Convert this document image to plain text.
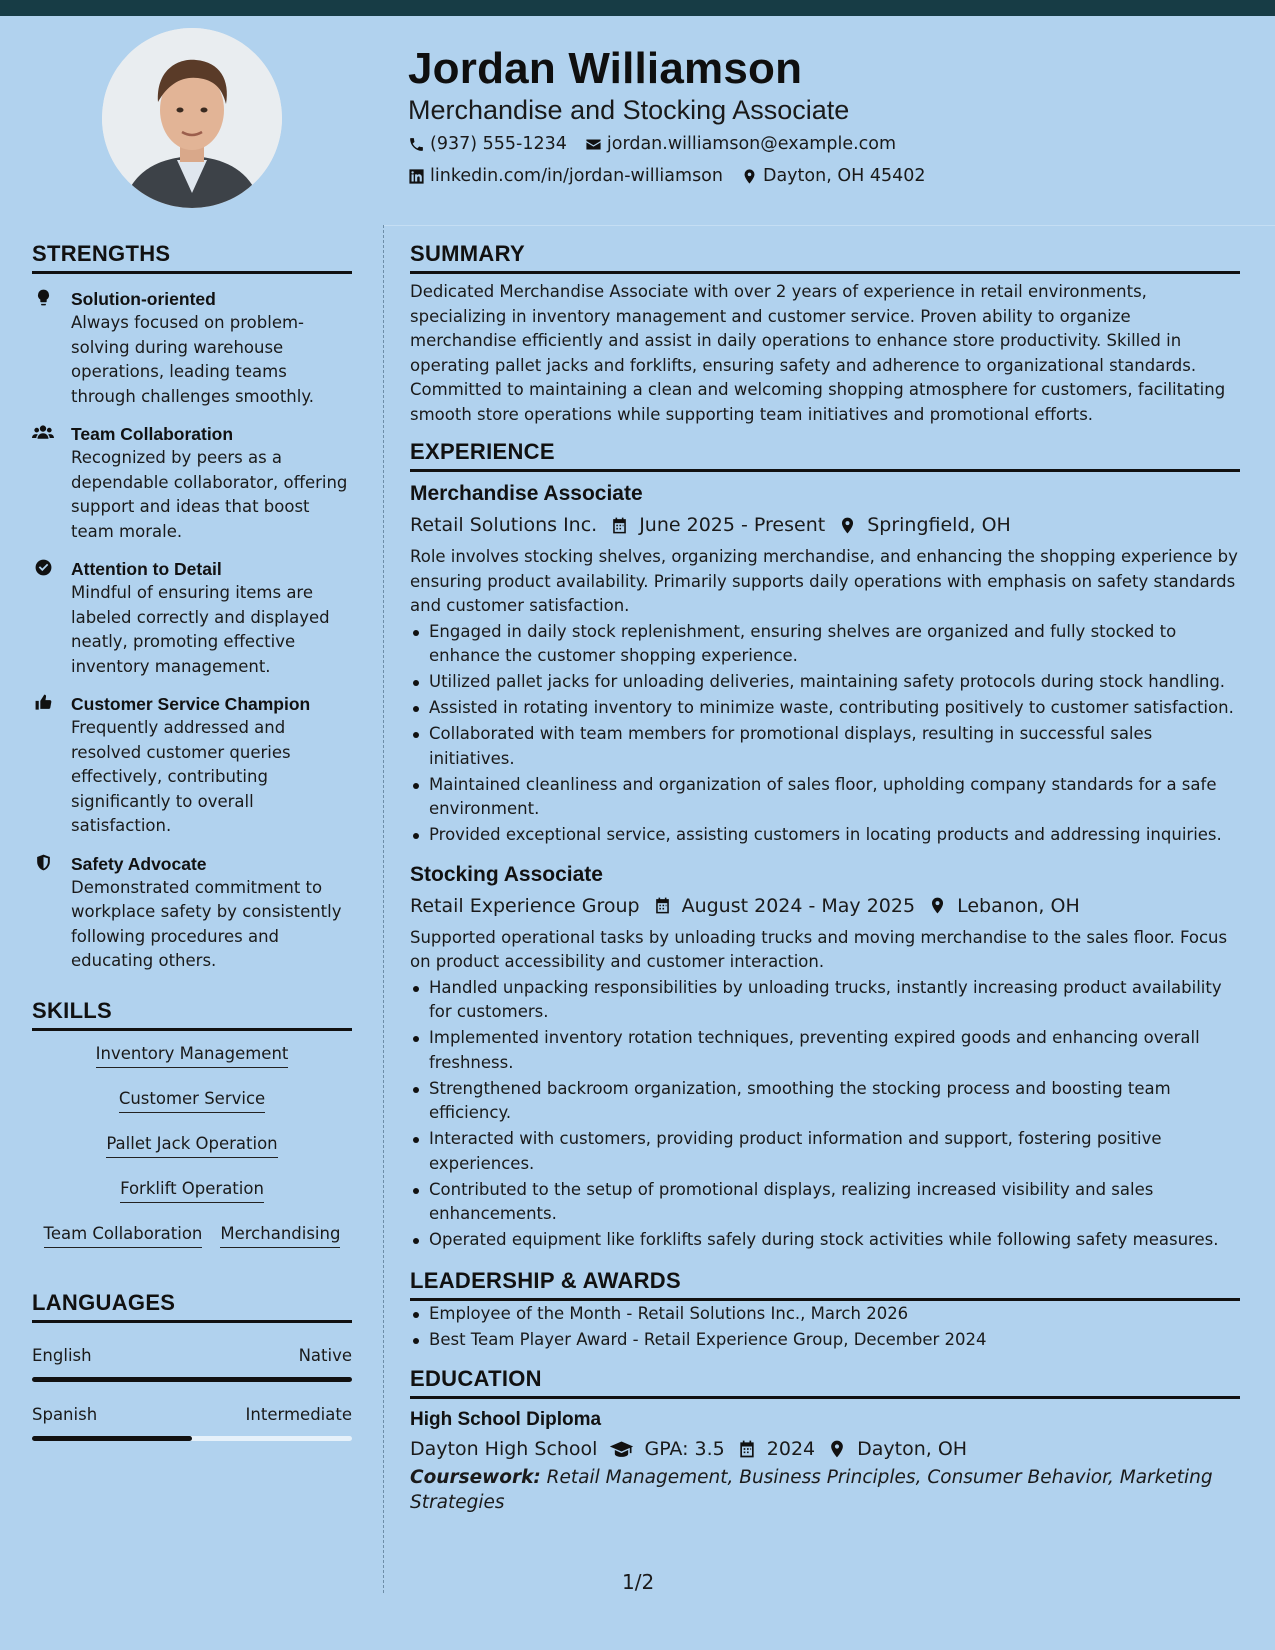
Jordan Williamson
Merchandise and Stocking Associate
(937) 555-1234 jordan.williamson@example.com
linkedin.com/in/jordan-williamson Dayton, OH 45402
STRENGTHS
Solution-oriented
Always focused on problem-solving during warehouse operations, leading teams through challenges smoothly.
Team Collaboration
Recognized by peers as a dependable collaborator, offering support and ideas that boost team morale.
Attention to Detail
Mindful of ensuring items are labeled correctly and displayed neatly, promoting effective inventory management.
Customer Service Champion
Frequently addressed and resolved customer queries effectively, contributing significantly to overall satisfaction.
Safety Advocate
Demonstrated commitment to workplace safety by consistently following procedures and educating others.
SKILLS
Inventory Management
Customer Service
Pallet Jack Operation
Forklift Operation
Team Collaboration Merchandising
LANGUAGES
English	Native
Spanish	Intermediate
SUMMARY
Dedicated Merchandise Associate with over 2 years of experience in retail environments, specializing in inventory management and customer service. Proven ability to organize merchandise efficiently and assist in daily operations to enhance store productivity. Skilled in operating pallet jacks and forklifts, ensuring safety and adherence to organizational standards. Committed to maintaining a clean and welcoming shopping atmosphere for customers, facilitating smooth store operations while supporting team initiatives and promotional efforts.
EXPERIENCE
Merchandise Associate
Retail Solutions Inc. June 2025 - Present Springfield, OH
Role involves stocking shelves, organizing merchandise, and enhancing the shopping experience by ensuring product availability. Primarily supports daily operations with emphasis on safety standards and customer satisfaction.
Engaged in daily stock replenishment, ensuring shelves are organized and fully stocked to enhance the customer shopping experience.
Utilized pallet jacks for unloading deliveries, maintaining safety protocols during stock handling.
Assisted in rotating inventory to minimize waste, contributing positively to customer satisfaction.
Collaborated with team members for promotional displays, resulting in successful sales initiatives.
Maintained cleanliness and organization of sales floor, upholding company standards for a safe environment.
Provided exceptional service, assisting customers in locating products and addressing inquiries.
Stocking Associate
Retail Experience Group August 2024 - May 2025 Lebanon, OH
Supported operational tasks by unloading trucks and moving merchandise to the sales floor. Focus on product accessibility and customer interaction.
Handled unpacking responsibilities by unloading trucks, instantly increasing product availability for customers.
Implemented inventory rotation techniques, preventing expired goods and enhancing overall freshness.
Strengthened backroom organization, smoothing the stocking process and boosting team efficiency.
Interacted with customers, providing product information and support, fostering positive experiences.
Contributed to the setup of promotional displays, realizing increased visibility and sales enhancements.
Operated equipment like forklifts safely during stock activities while following safety measures.
LEADERSHIP & AWARDS
Employee of the Month - Retail Solutions Inc., March 2026
Best Team Player Award - Retail Experience Group, December 2024
EDUCATION
High School Diploma
Dayton High School GPA: 3.5 2024 Dayton, OH
Coursework: Retail Management, Business Principles, Consumer Behavior, Marketing Strategies
1/2
